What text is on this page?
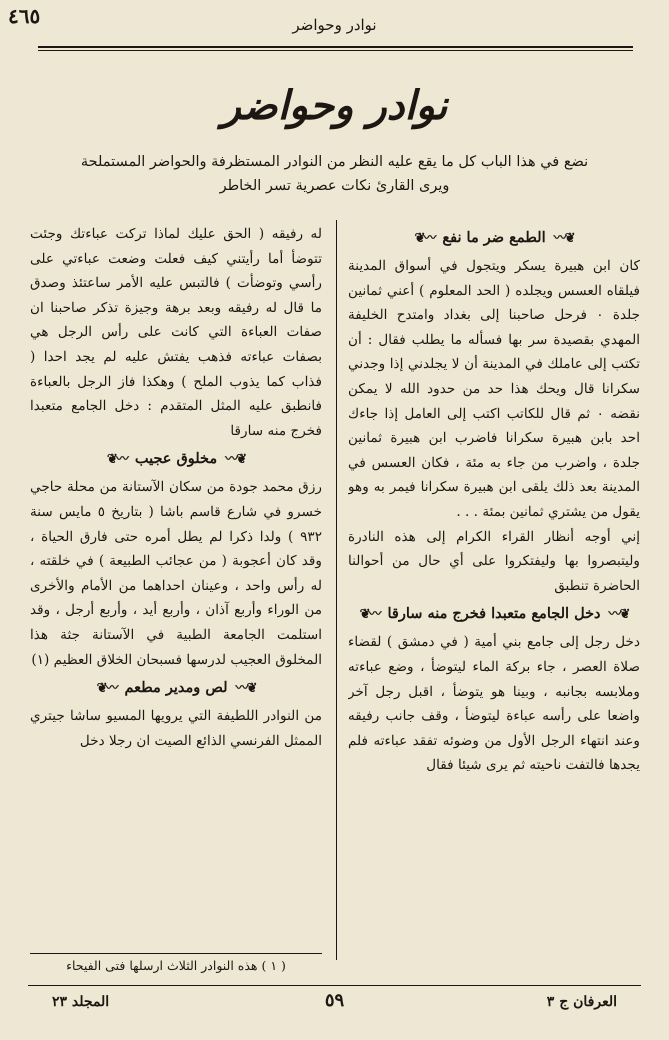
٤٦٥	نوادر وحواضر
نوادر وحواضر
نضع في هذا الباب كل ما يقع عليه النظر من النوادر المستظرفة والحواضر المستملحة ويرى القارئ نكات عصرية تسر الخاطر
❦〰
الطمع ضر ما نفع
〰❦

كان ابن هبيرة يسكر ويتجول في أسواق المدينة فيلقاه العسس ويجلده ( الحد المعلوم ) أعني ثمانين جلدة ٠ فرحل صاحبنا إلى بغداد وامتدح الخليفة المهدي بقصيدة سر بها فسأله ما يطلب فقال : أن تكتب إلى عاملك في المدينة أن لا يجلدني إذا وجدني سكرانا قال ويحك هذا حد من حدود الله لا يمكن نقضه ٠ ثم قال للكاتب اكتب إلى العامل إذا جاءك احد بابن هبيرة سكرانا فاضرب ابن هبيرة ثمانين جلدة ، واضرب من جاء به مئة ، فكان العسس في المدينة بعد ذلك يلقى ابن هبيرة سكرانا فيمر به وهو يقول من يشتري ثمانين بمئة . . .

إني أوجه أنظار القراء الكرام إلى هذه النادرة وليتبصروا بها وليفتكروا على أي حال من أحوالنا الحاضرة تنطبق

❦〰
دخل الجامع متعبدا فخرج منه سارقا
〰❦

دخل رجل إلى جامع بني أمية ( في دمشق ) لقضاء صلاة العصر ، جاء بركة الماء ليتوضأ ، وضع عباءته وملابسه بجانبه ، وبينا هو يتوضأ ، اقبل رجل آخر واضعا على رأسه عباءة ليتوضأ ، وقف جانب رفيقه وعند انتهاء الرجل الأول من وضوئه تفقد عباءته فلم يجدها فالتفت ناحيته ثم يرى شيئا فقال

له رفيقه ( الحق عليك لماذا تركت عباءتك وجئت تتوضأ أما رأيتني كيف فعلت وضعت عباءتي على رأسي وتوضأت ) فالتبس عليه الأمر ساعتئذ وصدق ما قال له رفيقه وبعد برهة وجيزة تذكر صاحبنا ان صفات العباءة التي كانت على رأس الرجل هي بصفات عباءته فذهب يفتش عليه لم يجد احدا ( فذاب كما يذوب الملح ) وهكذا فاز الرجل بالعباءة فانطبق عليه المثل المتقدم : دخل الجامع متعبدا فخرج منه سارقا

❦〰
مخلوق عجيب
〰❦

رزق محمد جودة من سكان الآستانة من محلة حاجي خسرو في شارع قاسم باشا ( بتاريخ ٥ مايس سنة ٩٣٢ ) ولدا ذكرا لم يطل أمره حتى فارق الحياة ، وقد كان أعجوبة ( من عجائب الطبيعة ) في خلقته ، له رأس واحد ، وعينان احداهما من الأمام والأخرى من الوراء وأربع آذان ، وأربع أيد ، وأربع أرجل ، وقد استلمت الجامعة الطبية في الآستانة جثة هذا المخلوق العجيب لدرسها فسبحان الخلاق العظيم (١)

❦〰
لص ومدير مطعم
〰❦

من النوادر اللطيفة التي يرويها المسيو ساشا جيتري الممثل الفرنسي الذائع الصيت ان رجلا دخل

( ١ ) هذه النوادر الثلاث ارسلها فتى الفيحاء
المجلد ٢٣	٥٩	العرفان ج ٣
